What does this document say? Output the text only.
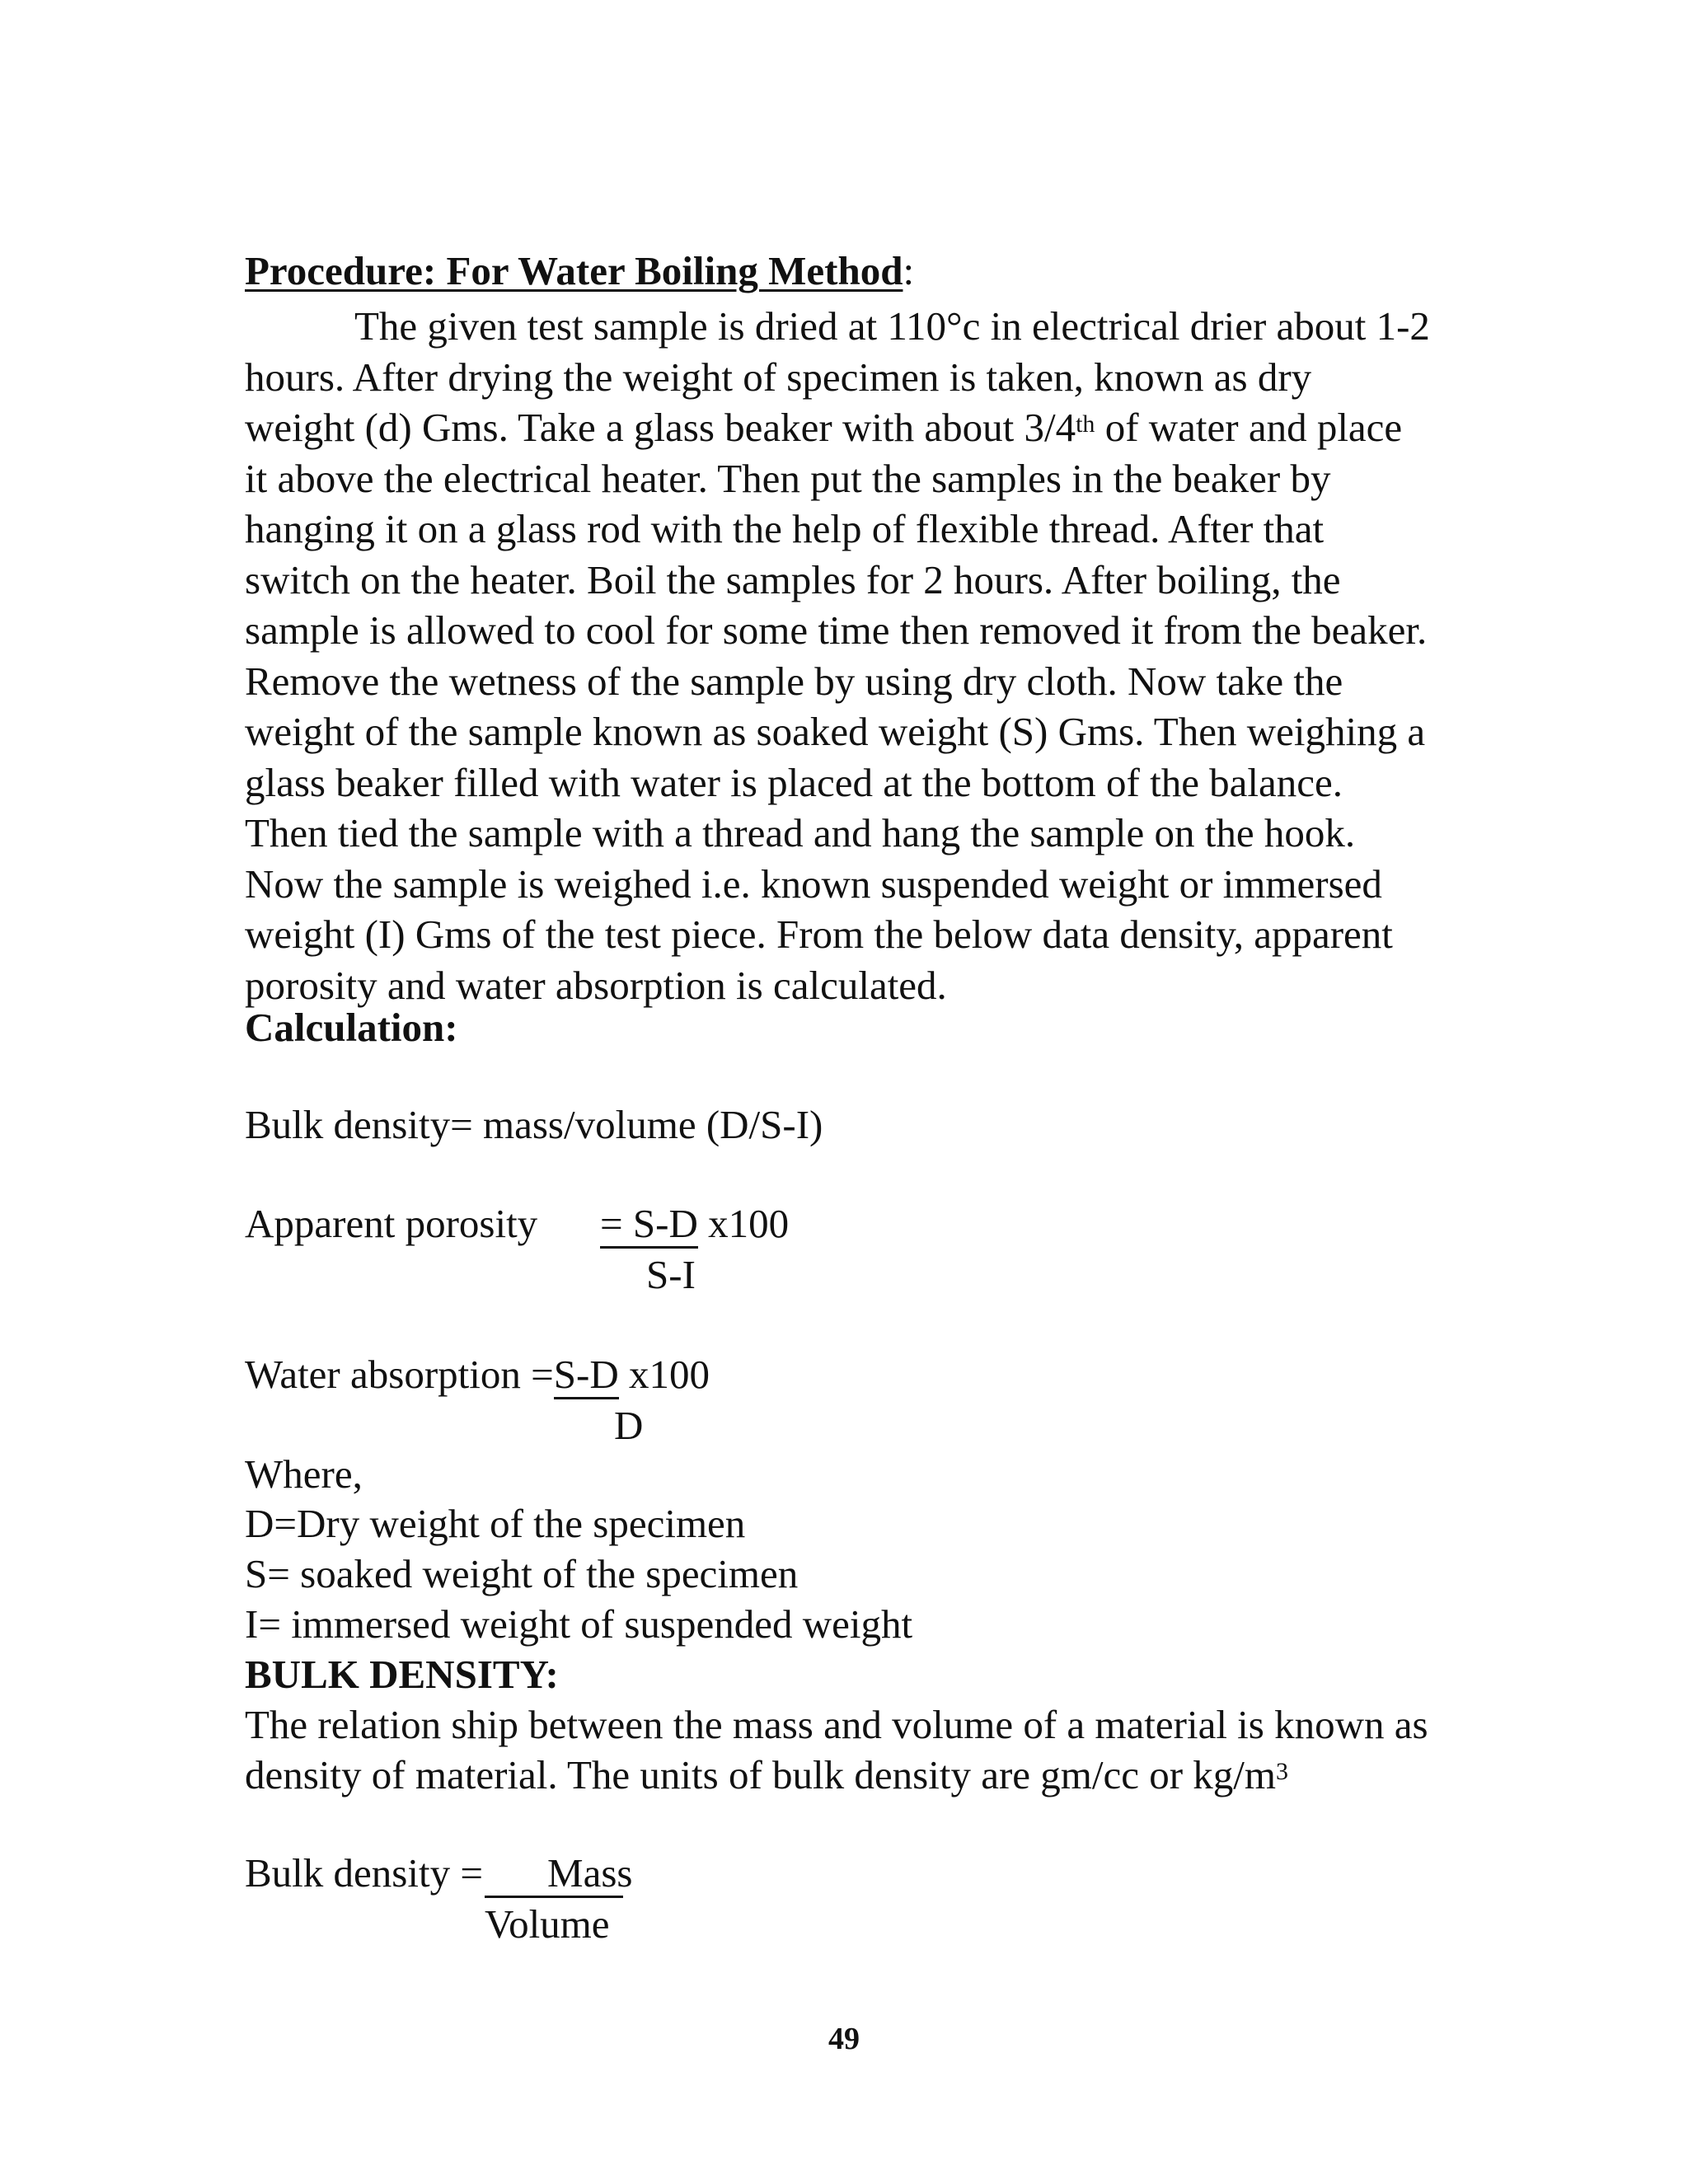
Procedure: For Water Boiling Method:
The given test sample is dried at 110°c in electrical drier about 1-2
hours. After drying the weight of specimen is taken, known as dry
weight (d) Gms. Take a glass beaker with about 3/4th of water and place
it above the electrical heater. Then put the samples in the beaker by
hanging it on a glass rod with the help of flexible thread. After that
switch on the heater. Boil the samples for 2 hours. After boiling, the
sample is allowed to cool for some time then removed it from the beaker.
Remove the wetness of the sample by using dry cloth. Now take the
weight of the sample known as soaked weight (S) Gms. Then weighing a
glass beaker filled with water is placed at the bottom of the balance.
Then tied the sample with a thread and hang the sample on the hook.
Now the sample is weighed i.e. known suspended weight or immersed
weight (I) Gms of the test piece. From the below data density, apparent
porosity and water absorption is calculated.
Calculation:
Bulk density= mass/volume (D/S-I)
Apparent porosity = S-D x100
S-I
Water absorption =S-D x100
D
Where,
D=Dry weight of the specimen
S= soaked weight of the specimen
I= immersed weight of suspended weight
BULK DENSITY:
The relation ship between the mass and volume of a material is known as
density of material. The units of bulk density are gm/cc or $kg/m^3$
Bulk density =	Mass
Volume
49
